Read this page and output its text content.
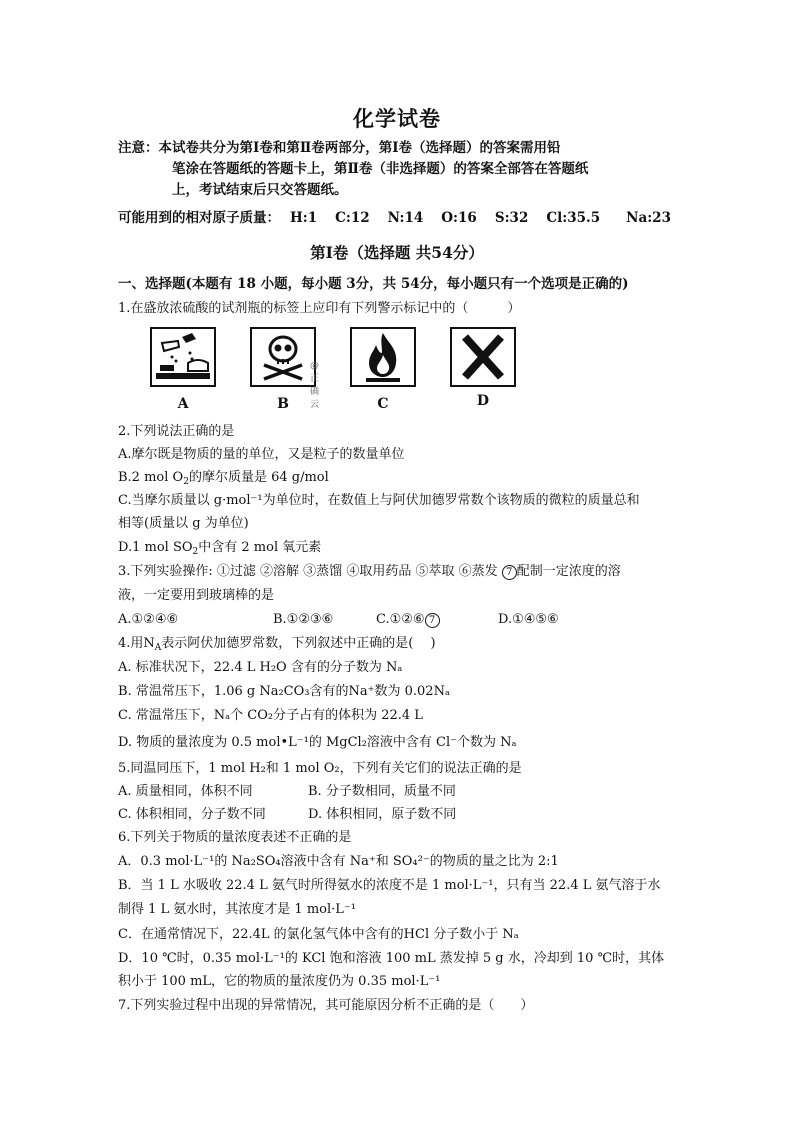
化学试卷
注意：本试卷共分为第Ⅰ卷和第Ⅱ卷两部分，第Ⅰ卷（选择题）的答案需用铅
笔涂在答题纸的答题卡上，第Ⅱ卷（非选择题）的答案全部答在答题纸
上，考试结束后只交答题纸。
可能用到的相对原子质量： H:1 C:12 N:14 O:16 S:32 Cl:35.5 Na:23
第Ⅰ卷（选择题 共54分）
一、选择题(本题有 18 小题，每小题 3分，共 54分，每小题只有一个选项是正确的)
1.在盛放浓硫酸的试剂瓶的标签上应印有下列警示标记中的（　　　）
@正确云
A	B	C	D
2.下列说法正确的是
A.摩尔既是物质的量的单位，又是粒子的数量单位
B.2 mol $O_2$的摩尔质量是 64 g/mol
C.当摩尔质量以 g·mol⁻¹为单位时，在数值上与阿伏加德罗常数个该物质的微粒的质量总和
相等(质量以 g 为单位)
D.1 mol $SO_2$中含有 2 mol 氧元素
3.下列实验操作: ①过滤 ②溶解 ③蒸馏 ④取用药品 ⑤萃取 ⑥蒸发 7 配制一定浓度的溶
液，一定要用到玻璃棒的是
A.①②④⑥	B.①②③⑥	C.①②⑥ 7	D.①④⑤⑥
4.用$N_A$表示阿伏加德罗常数，下列叙述中正确的是(　 )
A. 标准状况下，22.4 L H₂O 含有的分子数为 Nₐ
B. 常温常压下，1.06 g Na₂CO₃含有的Na⁺数为 0.02Nₐ
C. 常温常压下，Nₐ个 CO₂分子占有的体积为 22.4 L
D. 物质的量浓度为 0.5 mol•L⁻¹的 MgCl₂溶液中含有 Cl⁻个数为 Nₐ
5.同温同压下，1 mol H₂和 1 mol O₂，下列有关它们的说法正确的是
A. 质量相同，体积不同	B. 分子数相同，质量不同
C. 体积相同，分子数不同	D. 体积相同，原子数不同
6.下列关于物质的量浓度表述不正确的是
A．0.3 mol·L⁻¹的 Na₂SO₄溶液中含有 Na⁺和 SO₄²⁻的物质的量之比为 2:1
B．当 1 L 水吸收 22.4 L 氨气时所得氨水的浓度不是 1 mol·L⁻¹，只有当 22.4 L 氨气溶于水
制得 1 L 氨水时，其浓度才是 1 mol·L⁻¹
C．在通常情况下，22.4L 的氯化氢气体中含有的HCl 分子数小于 Nₐ
D．10 ℃时，0.35 mol·L⁻¹的 KCl 饱和溶液 100 mL 蒸发掉 5 g 水，冷却到 10 ℃时，其体
积小于 100 mL，它的物质的量浓度仍为 0.35 mol·L⁻¹
7.下列实验过程中出现的异常情况，其可能原因分析不正确的是（　　）
